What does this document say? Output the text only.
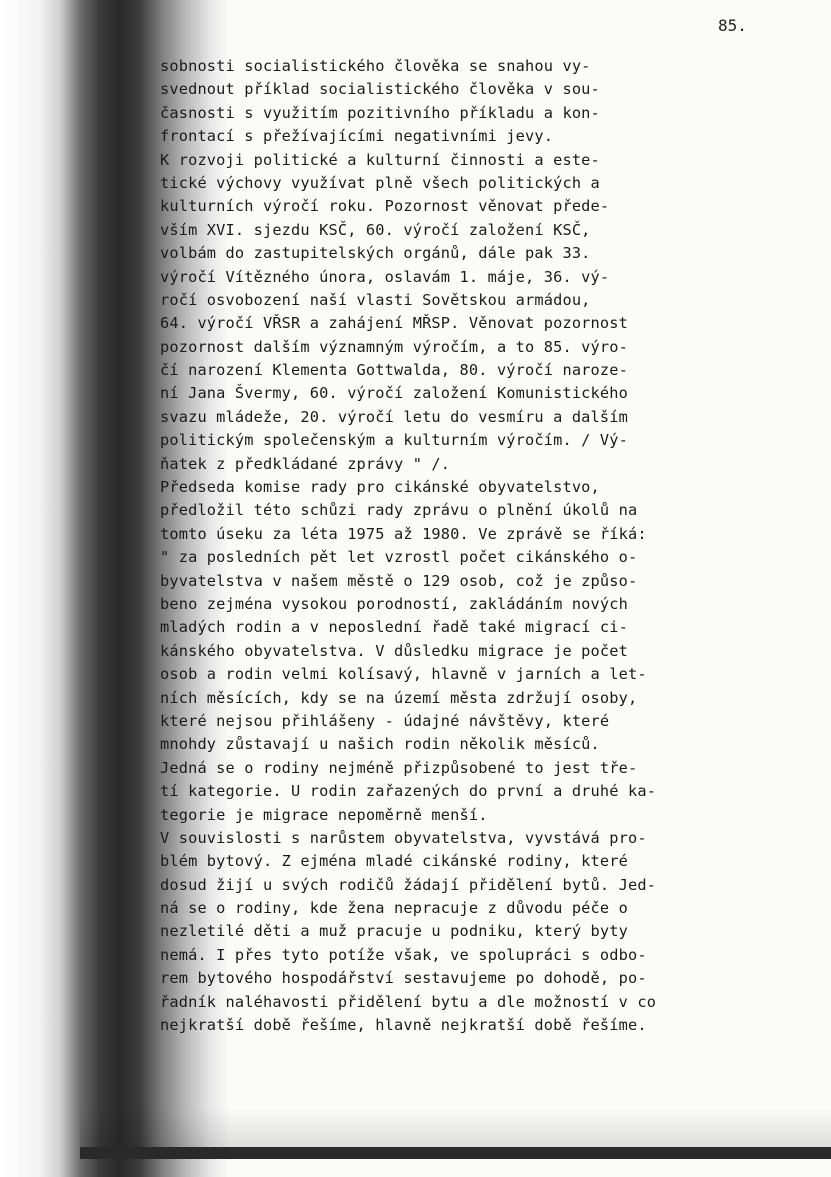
85.
sobnosti socialistického člověka se snahou vy-
svednout příklad socialistického člověka v sou-
časnosti s využitím pozitivního příkladu a kon-
frontací s přežívajícími negativními jevy.
K rozvoji politické a kulturní činnosti a este-
tické výchovy využívat plně všech politických a
kulturních výročí roku. Pozornost věnovat přede-
vším XVI. sjezdu KSČ, 60. výročí založení KSČ,
volbám do zastupitelských orgánů, dále pak 33.
výročí Vítězného února, oslavám 1. máje, 36. vý-
ročí osvobození naší vlasti Sovětskou armádou,
64. výročí VŘSR a zahájení MŘSP. Věnovat pozornost
pozornost dalším významným výročím, a to 85. výro-
čí narození Klementa Gottwalda, 80. výročí naroze-
ní Jana Švermy, 60. výročí založení Komunistického
svazu mládeže, 20. výročí letu do vesmíru a dalším
politickým společenským a kulturním výročím. / Vý-
ňatek z předkládané zprávy " /.
Předseda komise rady pro cikánské obyvatelstvo,
předložil této schůzi rady zprávu o plnění úkolů na
tomto úseku za léta 1975 až 1980. Ve zprávě se říká:
" za posledních pět let vzrostl počet cikánského o-
byvatelstva v našem městě o 129 osob, což je způso-
beno zejména vysokou porodností, zakládáním nových
mladých rodin a v neposlední řadě také migrací ci-
kánského obyvatelstva. V důsledku migrace je počet
osob a rodin velmi kolísavý, hlavně v jarních a let-
ních měsících, kdy se na území města zdržují osoby,
které nejsou přihlášeny - údajné návštěvy, které
mnohdy zůstavají u našich rodin několik měsíců.
Jedná se o rodiny nejméně přizpůsobené to jest tře-
tí kategorie. U rodin zařazených do první a druhé ka-
tegorie je migrace nepoměrně menší.
V souvislosti s narůstem obyvatelstva, vyvstává pro-
blém bytový. Z ejména mladé cikánské rodiny, které
dosud žijí u svých rodičů žádají přidělení bytů. Jed-
ná se o rodiny, kde žena nepracuje z důvodu péče o
nezletilé děti a muž pracuje u podniku, který byty
nemá. I přes tyto potíže však, ve spolupráci s odbo-
rem bytového hospodářství sestavujeme po dohodě, po-
řadník naléhavosti přidělení bytu a dle možností v co
nejkratší době řešíme, hlavně nejkratší době řešíme.
